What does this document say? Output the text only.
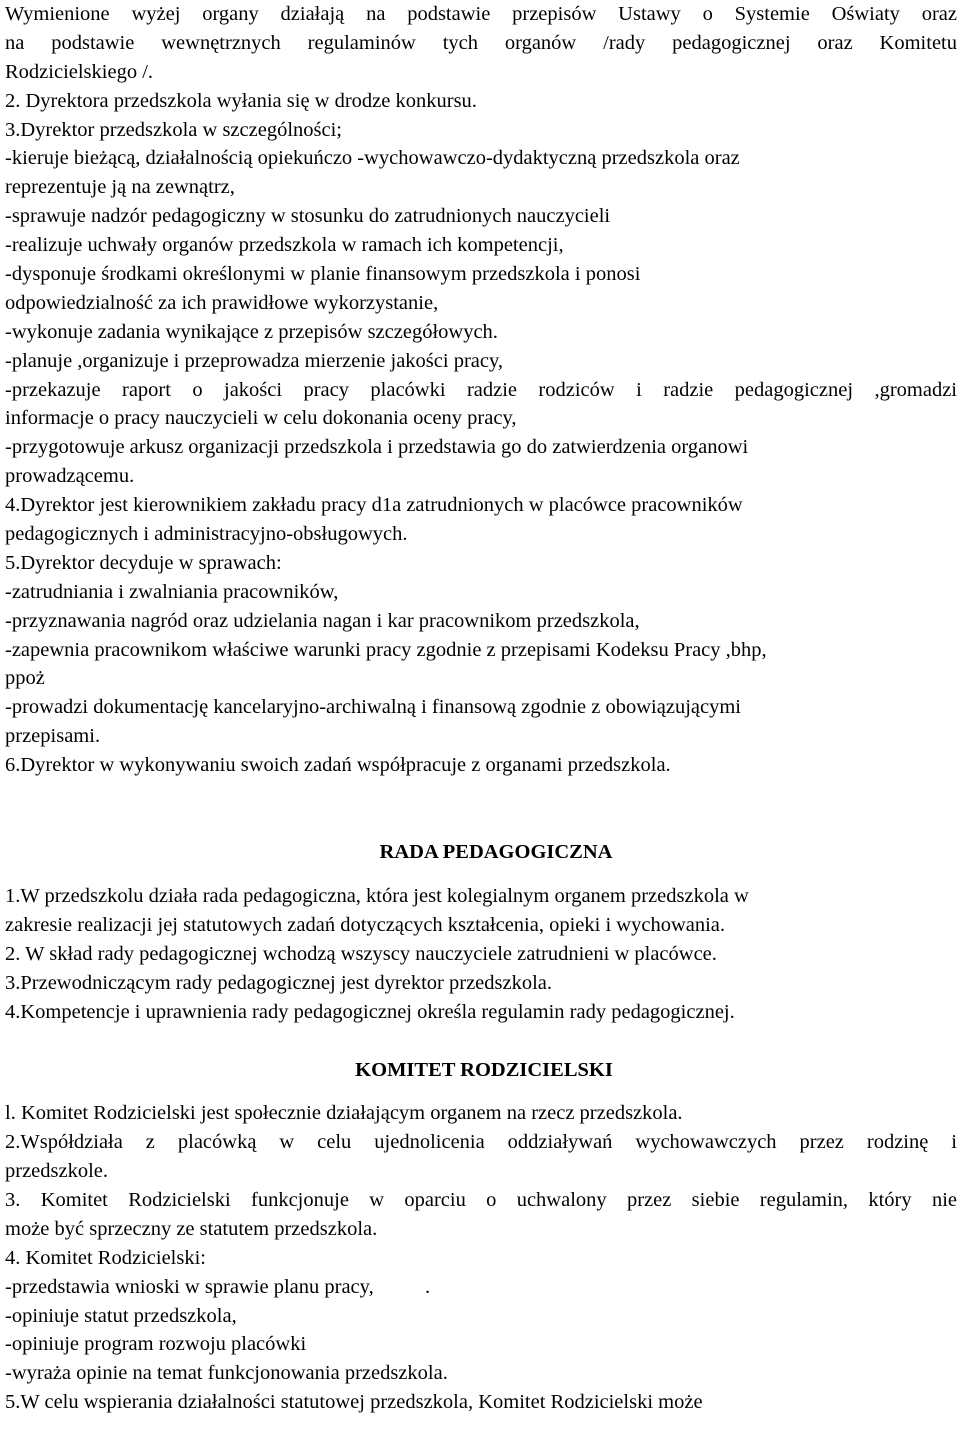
Wymienione wyżej organy działają na podstawie przepisów Ustawy o Systemie Oświaty oraz
na podstawie wewnętrznych regulaminów tych organów /rady pedagogicznej oraz Komitetu
Rodzicielskiego /.
2. Dyrektora przedszkola wyłania się w drodze konkursu.
3.Dyrektor przedszkola w szczególności;
-kieruje bieżącą, działalnością opiekuńczo -wychowawczo-dydaktyczną przedszkola oraz
reprezentuje ją na zewnątrz,
-sprawuje nadzór pedagogiczny w stosunku do zatrudnionych nauczycieli
-realizuje uchwały organów przedszkola w ramach ich kompetencji,
-dysponuje środkami określonymi w planie finansowym przedszkola i ponosi
odpowiedzialność za ich prawidłowe wykorzystanie,
-wykonuje zadania wynikające z przepisów szczegółowych.
-planuje ,organizuje i przeprowadza mierzenie jakości pracy,
-przekazuje raport o jakości pracy placówki radzie rodziców i radzie pedagogicznej ,gromadzi
informacje o pracy nauczycieli w celu dokonania oceny pracy,
-przygotowuje arkusz organizacji przedszkola i przedstawia go do zatwierdzenia organowi
prowadzącemu.
4.Dyrektor jest kierownikiem zakładu pracy d1a zatrudnionych w placówce pracowników
pedagogicznych i administracyjno-obsługowych.
5.Dyrektor decyduje w sprawach:
-zatrudniania i zwalniania pracowników,
-przyznawania nagród oraz udzielania nagan i kar pracownikom przedszkola,
-zapewnia pracownikom właściwe warunki pracy zgodnie z przepisami Kodeksu Pracy ,bhp,
ppoż
-prowadzi dokumentację kancelaryjno-archiwalną i finansową zgodnie z obowiązującymi
przepisami.
6.Dyrektor w wykonywaniu swoich zadań współpracuje z organami przedszkola.
RADA PEDAGOGICZNA
1.W przedszkolu działa rada pedagogiczna, która jest kolegialnym organem przedszkola w
zakresie realizacji jej statutowych zadań dotyczących kształcenia, opieki i wychowania.
2. W skład rady pedagogicznej wchodzą wszyscy nauczyciele zatrudnieni w placówce.
3.Przewodniczącym rady pedagogicznej jest dyrektor przedszkola.
4.Kompetencje i uprawnienia rady pedagogicznej określa regulamin rady pedagogicznej.
KOMITET RODZICIELSKI
l. Komitet Rodzicielski jest społecznie działającym organem na rzecz przedszkola.
2.Współdziała z placówką w celu ujednolicenia oddziaływań wychowawczych przez rodzinę i
przedszkole.
3. Komitet Rodzicielski funkcjonuje w oparciu o uchwalony przez siebie regulamin, który nie
może być sprzeczny ze statutem przedszkola.
4. Komitet Rodzicielski:
-przedstawia wnioski w sprawie planu pracy,          .
-opiniuje statut przedszkola,
-opiniuje program rozwoju placówki
-wyraża opinie na temat funkcjonowania przedszkola.
5.W celu wspierania działalności statutowej przedszkola, Komitet Rodzicielski może
